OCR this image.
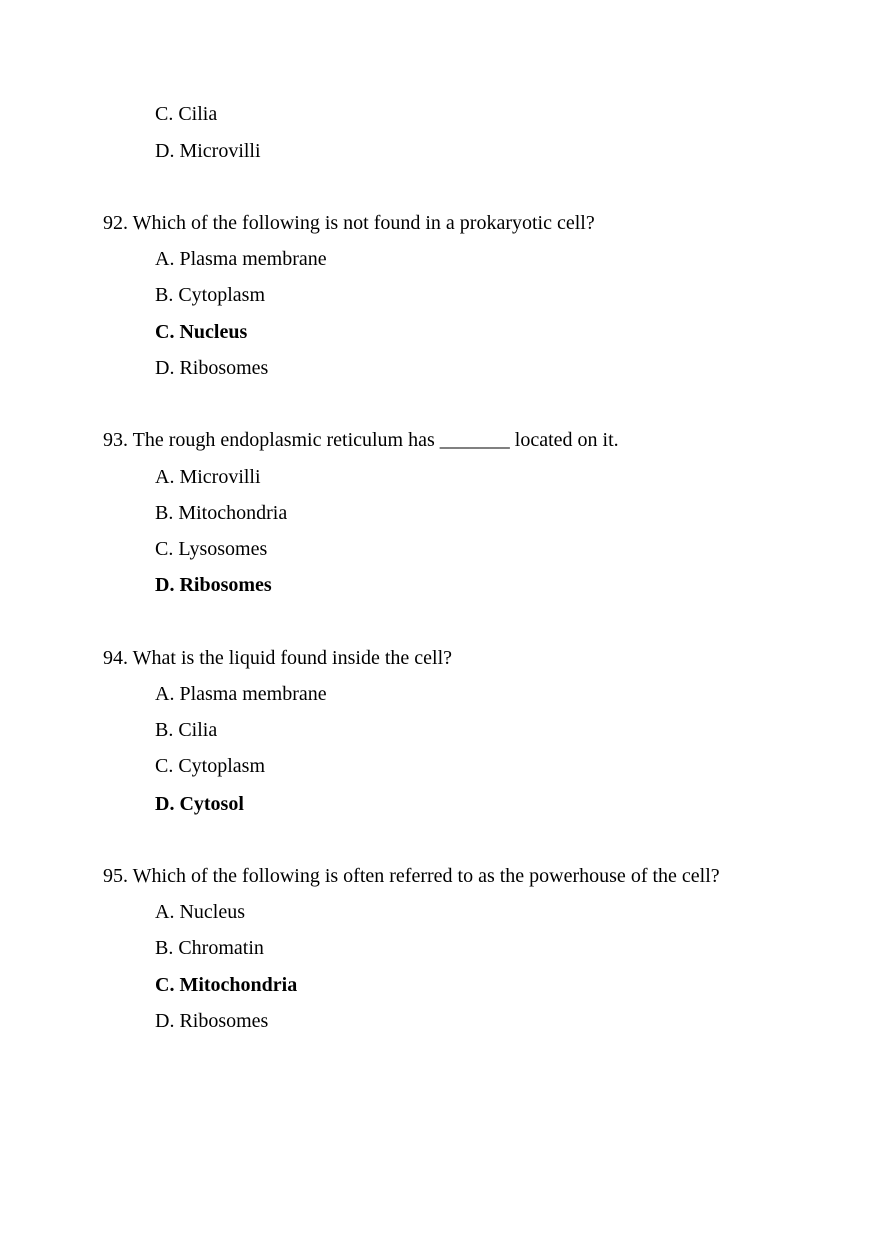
C. Cilia
D. Microvilli
92. Which of the following is not found in a prokaryotic cell?
A. Plasma membrane
B. Cytoplasm
C. Nucleus
D. Ribosomes
93. The rough endoplasmic reticulum has _______ located on it.
A. Microvilli
B. Mitochondria
C. Lysosomes
D. Ribosomes
94. What is the liquid found inside the cell?
A. Plasma membrane
B. Cilia
C. Cytoplasm
D. Cytosol
95. Which of the following is often referred to as the powerhouse of the cell?
A. Nucleus
B. Chromatin
C. Mitochondria
D. Ribosomes
